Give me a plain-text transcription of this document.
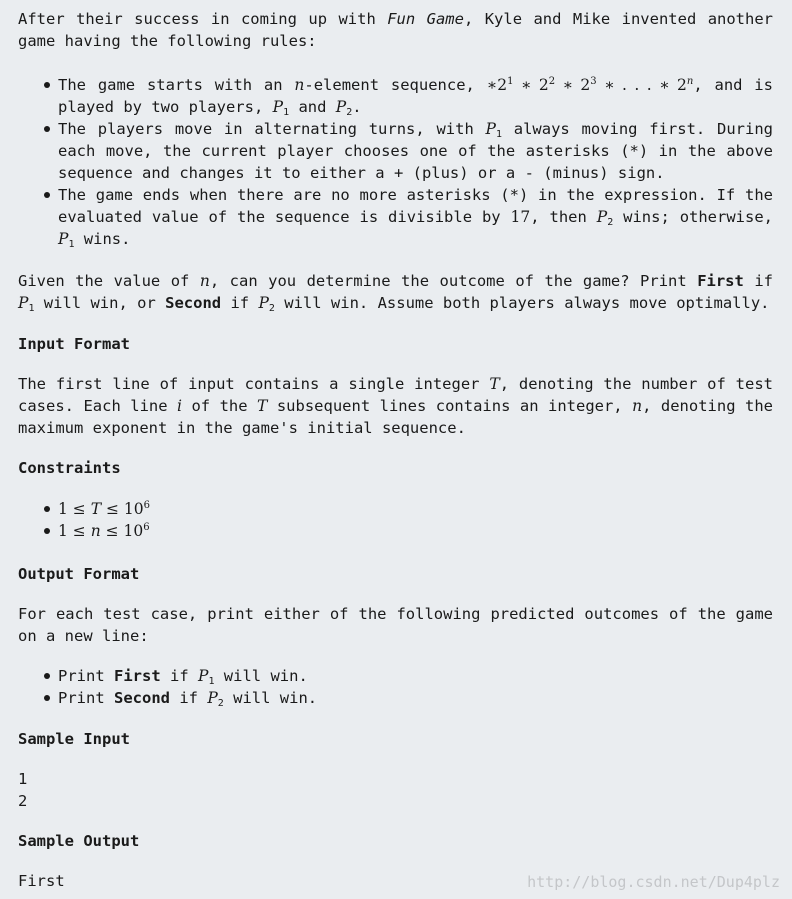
After their success in coming up with Fun Game, Kyle and Mike invented another game having the following rules:

The game starts with an n-element sequence, $∗2^1$ ∗ $2^2$ ∗ $2^3$ ∗ . . . ∗ 2$^n$, and is played by two players, $P_1$ and $P_2$.
The players move in alternating turns, with $P_1$ always moving first. During each move, the current player chooses one of the asterisks (*) in the above sequence and changes it to either a + (plus) or a - (minus) sign.
The game ends when there are no more asterisks (*) in the expression. If the evaluated value of the sequence is divisible by 17, then $P_2$ wins; otherwise, $P_1$ wins.

Given the value of n, can you determine the outcome of the game? Print First if $P_1$ will win, or Second if $P_2$ will win. Assume both players always move optimally.

Input Format

The first line of input contains a single integer T, denoting the number of test cases. Each line i of the T subsequent lines contains an integer, n, denoting the maximum exponent in the game's initial sequence.

Constraints
$1 \le T \le 10^6$
$1 \le n \le 10^6$
Output Format

For each test case, print either of the following predicted outcomes of the game on a new line:

Print First if $P_1$ will win.
Print Second if $P_2$ will win.
Sample Input
1
2
Sample Output
First	http://blog.csdn.net/Dup4plz
